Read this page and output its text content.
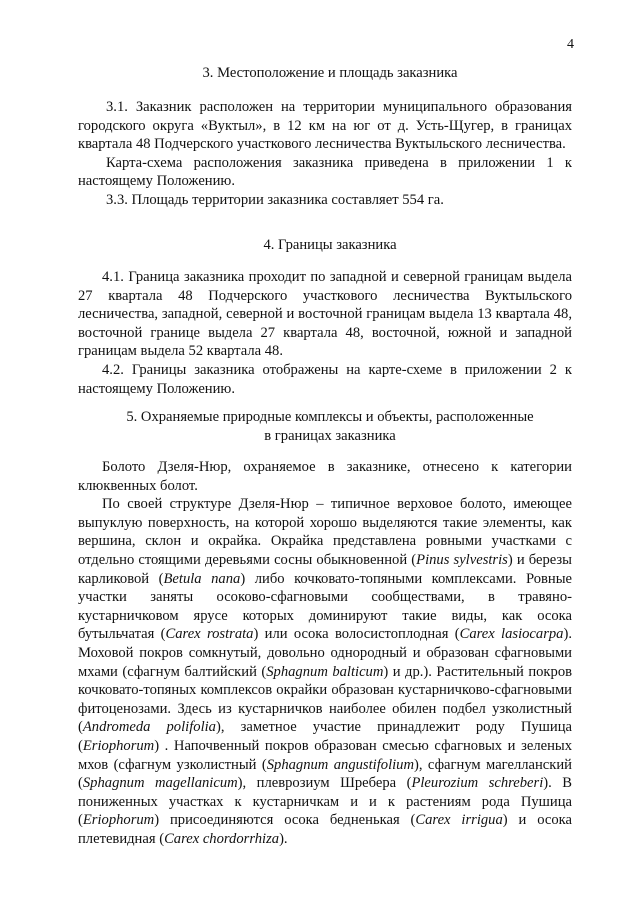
4
3. Местоположение и площадь заказника

3.1. Заказник расположен на территории муниципального образования городского округа «Вуктыл», в 12 км на юг от д. Усть-Щугер, в границах квартала 48 Подчерского участкового лесничества Вуктыльского лесничества.

Карта-схема расположения заказника приведена в приложении 1 к настоящему Положению.

3.3. Площадь территории заказника составляет 554 га.

4. Границы заказника

4.1. Граница заказника проходит по западной и северной границам выдела 27 квартала 48 Подчерского участкового лесничества Вуктыльского лесничества, западной, северной и восточной границам выдела 13 квартала 48, восточной границе выдела 27 квартала 48, восточной, южной и западной границам выдела 52 квартала 48.

4.2. Границы заказника отображены на карте-схеме в приложении 2 к настоящему Положению.

5. Охраняемые природные комплексы и объекты, расположенные
в границах заказника

Болото Дзеля-Нюр, охраняемое в заказнике, отнесено к категории клюквенных болот.

По своей структуре Дзеля-Нюр – типичное верховое болото, имеющее выпуклую поверхность, на которой хорошо выделяются такие элементы, как вершина, склон и окрайка. Окрайка представлена ровными участками с отдельно стоящими деревьями сосны обыкновенной (Pinus sylvestris) и березы карликовой (Betula nana) либо кочковато-топяными комплексами. Ровные участки заняты осоково-сфагновыми сообществами, в травяно-кустарничковом ярусе которых доминируют такие виды, как осока бутыльчатая (Carex rostrata) или осока волосистоплодная (Carex lasiocarpa). Моховой покров сомкнутый, довольно однородный и образован сфагновыми мхами (сфагнум балтийский (Sphagnum balticum) и др.). Растительный покров кочковато-топяных комплексов окрайки образован кустарничково-сфагновыми фитоценозами. Здесь из кустарничков наиболее обилен подбел узколистный (Andromeda polifolia), заметное участие принадлежит роду Пушица (Eriophorum) . Напочвенный покров образован смесью сфагновых и зеленых мхов (сфагнум узколистный (Sphagnum angustifolium), сфагнум магелланский (Sphagnum magellanicum), плеврозиум Шребера (Pleurozium schreberi). В пониженных участках к кустарничкам и и к растениям рода Пушица (Eriophorum) присоединяются осока бедненькая (Carex irrigua) и осока плетевидная (Carex chordorrhiza).
